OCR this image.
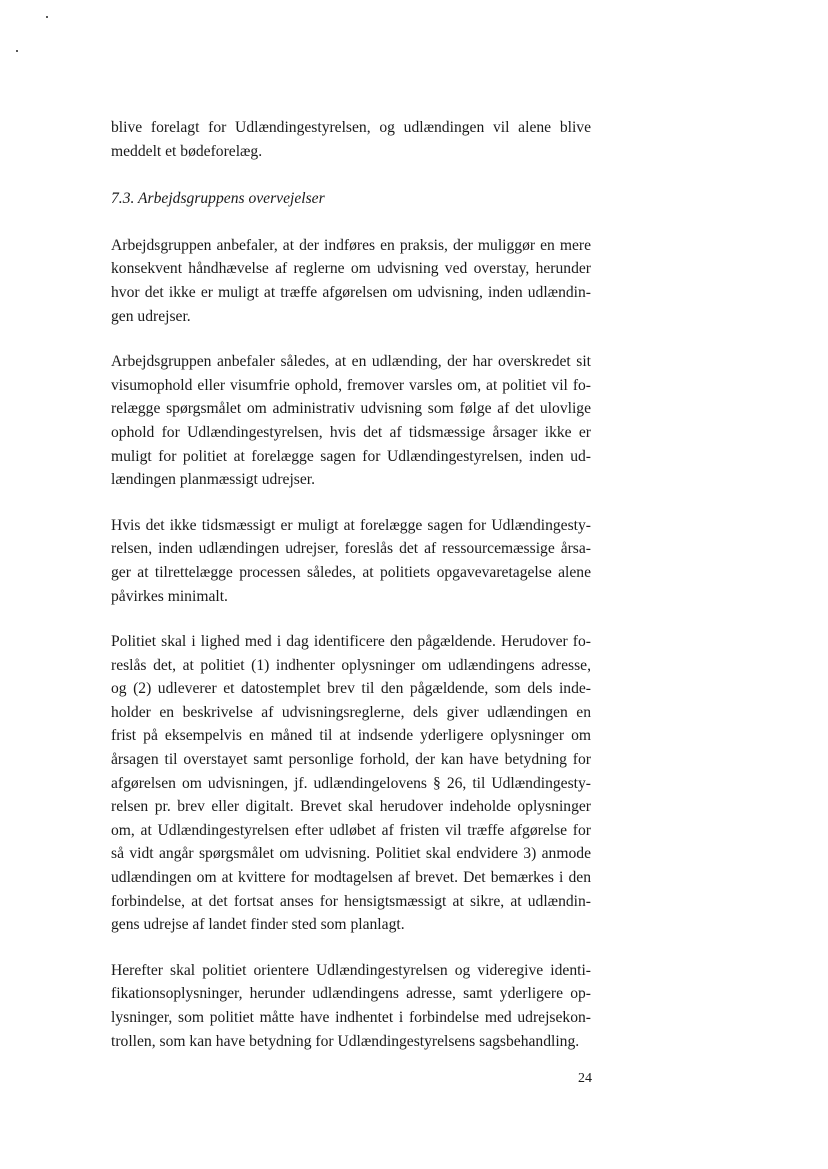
blive forelagt for Udlændingestyrelsen, og udlændingen vil alene blive
meddelt et bødeforelæg.

7.3. Arbejdsgruppens overvejelser

Arbejdsgruppen anbefaler, at der indføres en praksis, der muliggør en mere
konsekvent håndhævelse af reglerne om udvisning ved overstay, herunder
hvor det ikke er muligt at træffe afgørelsen om udvisning, inden udlændin-
gen udrejser.

Arbejdsgruppen anbefaler således, at en udlænding, der har overskredet sit
visumophold eller visumfrie ophold, fremover varsles om, at politiet vil fo-
relægge spørgsmålet om administrativ udvisning som følge af det ulovlige
ophold for Udlændingestyrelsen, hvis det af tidsmæssige årsager ikke er
muligt for politiet at forelægge sagen for Udlændingestyrelsen, inden ud-
lændingen planmæssigt udrejser.

Hvis det ikke tidsmæssigt er muligt at forelægge sagen for Udlændingesty-
relsen, inden udlændingen udrejser, foreslås det af ressourcemæssige årsa-
ger at tilrettelægge processen således, at politiets opgavevaretagelse alene
påvirkes minimalt.

Politiet skal i lighed med i dag identificere den pågældende. Herudover fo-
reslås det, at politiet (1) indhenter oplysninger om udlændingens adresse,
og (2) udleverer et datostemplet brev til den pågældende, som dels inde-
holder en beskrivelse af udvisningsreglerne, dels giver udlændingen en
frist på eksempelvis en måned til at indsende yderligere oplysninger om
årsagen til overstayet samt personlige forhold, der kan have betydning for
afgørelsen om udvisningen, jf. udlændingelovens § 26, til Udlændingesty-
relsen pr. brev eller digitalt. Brevet skal herudover indeholde oplysninger
om, at Udlændingestyrelsen efter udløbet af fristen vil træffe afgørelse for
så vidt angår spørgsmålet om udvisning. Politiet skal endvidere 3) anmode
udlændingen om at kvittere for modtagelsen af brevet. Det bemærkes i den
forbindelse, at det fortsat anses for hensigtsmæssigt at sikre, at udlændin-
gens udrejse af landet finder sted som planlagt.

Herefter skal politiet orientere Udlændingestyrelsen og videregive identi-
fikationsoplysninger, herunder udlændingens adresse, samt yderligere op-
lysninger, som politiet måtte have indhentet i forbindelse med udrejsekon-
trollen, som kan have betydning for Udlændingestyrelsens sagsbehandling.

24
